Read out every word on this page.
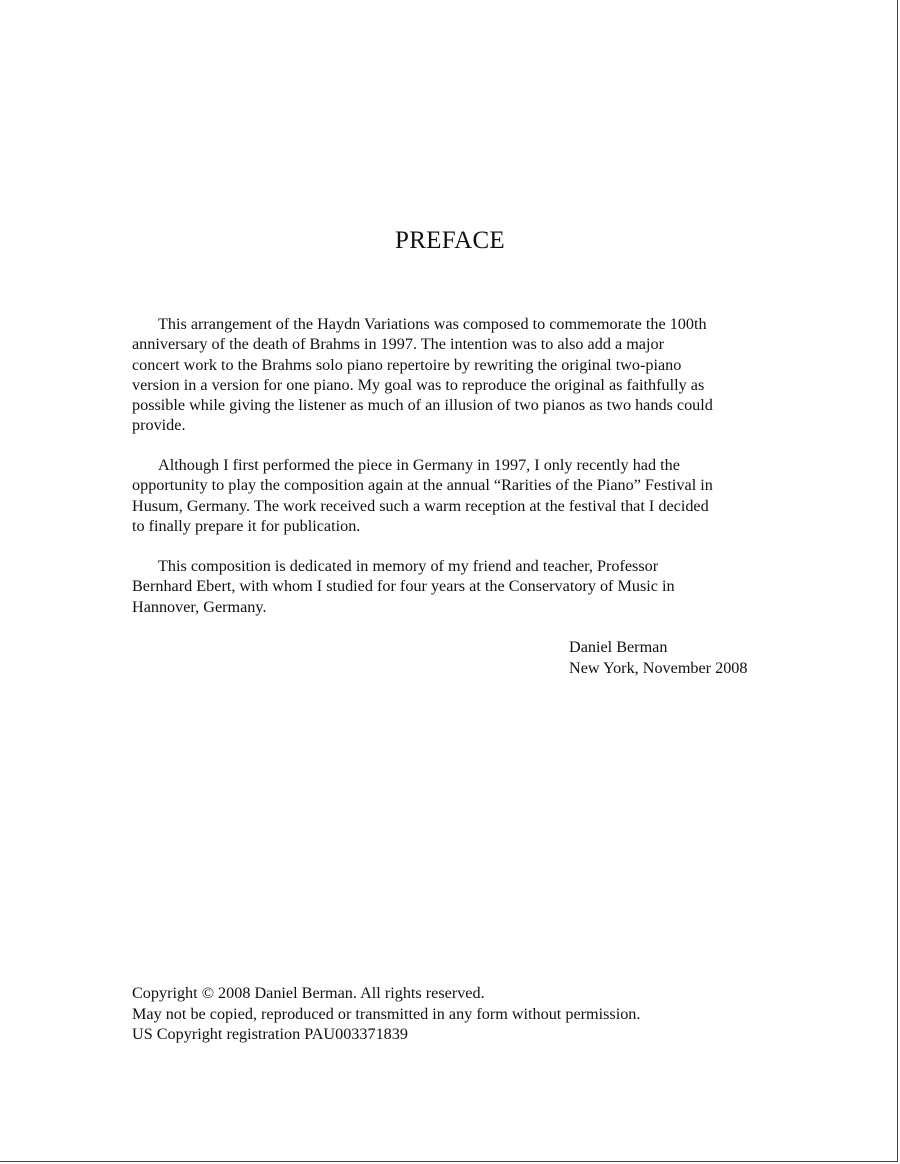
PREFACE

This arrangement of the Haydn Variations was composed to commemorate the 100th
anniversary of the death of Brahms in 1997. The intention was to also add a major
concert work to the Brahms solo piano repertoire by rewriting the original two-piano
version in a version for one piano. My goal was to reproduce the original as faithfully as
possible while giving the listener as much of an illusion of two pianos as two hands could
provide.

Although I first performed the piece in Germany in 1997, I only recently had the
opportunity to play the composition again at the annual “Rarities of the Piano” Festival in
Husum, Germany. The work received such a warm reception at the festival that I decided
to finally prepare it for publication.

This composition is dedicated in memory of my friend and teacher, Professor
Bernhard Ebert, with whom I studied for four years at the Conservatory of Music in
Hannover, Germany.

Daniel Berman
New York, November 2008
Copyright © 2008 Daniel Berman. All rights reserved.
May not be copied, reproduced or transmitted in any form without permission.
US Copyright registration PAU003371839
